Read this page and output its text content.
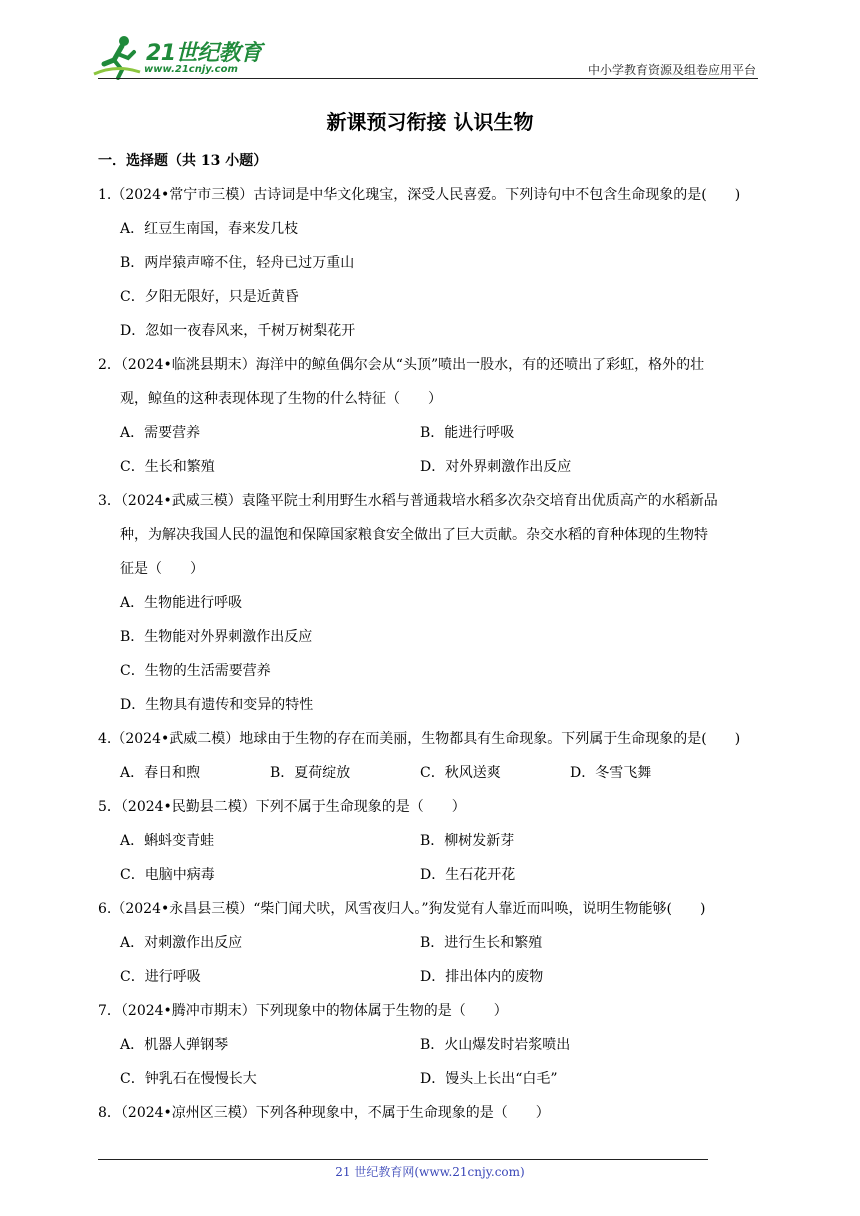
21世纪教育
www.21cnjy.com	中小学教育资源及组卷应用平台
新课预习衔接 认识生物
一．选择题（共 13 小题）
1.（2024•常宁市三模）古诗词是中华文化瑰宝，深受人民喜爱。下列诗句中不包含生命现象的是(　　)
A．红豆生南国，春来发几枝
B．两岸猿声啼不住，轻舟已过万重山
C．夕阳无限好，只是近黄昏
D．忽如一夜春风来，千树万树梨花开
2．（2024•临洮县期末）海洋中的鲸鱼偶尔会从“头顶”喷出一股水，有的还喷出了彩虹，格外的壮
观，鲸鱼的这种表现体现了生物的什么特征（　　）
A．需要营养	B．能进行呼吸
C．生长和繁殖	D．对外界刺激作出反应
3．（2024•武威三模）袁隆平院士利用野生水稻与普通栽培水稻多次杂交培育出优质高产的水稻新品
种，为解决我国人民的温饱和保障国家粮食安全做出了巨大贡献。杂交水稻的育种体现的生物特
征是（　　）
A．生物能进行呼吸
B．生物能对外界刺激作出反应
C．生物的生活需要营养
D．生物具有遗传和变异的特性
4.（2024•武威二模）地球由于生物的存在而美丽，生物都具有生命现象。下列属于生命现象的是(　　)
A．春日和煦	B．夏荷绽放	C．秋风送爽	D．冬雪飞舞
5．（2024•民勤县二模）下列不属于生命现象的是（　　）
A．蝌蚪变青蛙	B．柳树发新芽
C．电脑中病毒	D．生石花开花
6.（2024•永昌县三模）“柴门闻犬吠，风雪夜归人。”狗发觉有人靠近而叫唤，说明生物能够(　　)
A．对刺激作出反应	B．进行生长和繁殖
C．进行呼吸	D．排出体内的废物
7．（2024•腾冲市期末）下列现象中的物体属于生物的是（　　）
A．机器人弹钢琴	B．火山爆发时岩浆喷出
C．钟乳石在慢慢长大	D．馒头上长出“白毛”
8．（2024•凉州区三模）下列各种现象中，不属于生命现象的是（　　）
21 世纪教育网(www.21cnjy.com)
